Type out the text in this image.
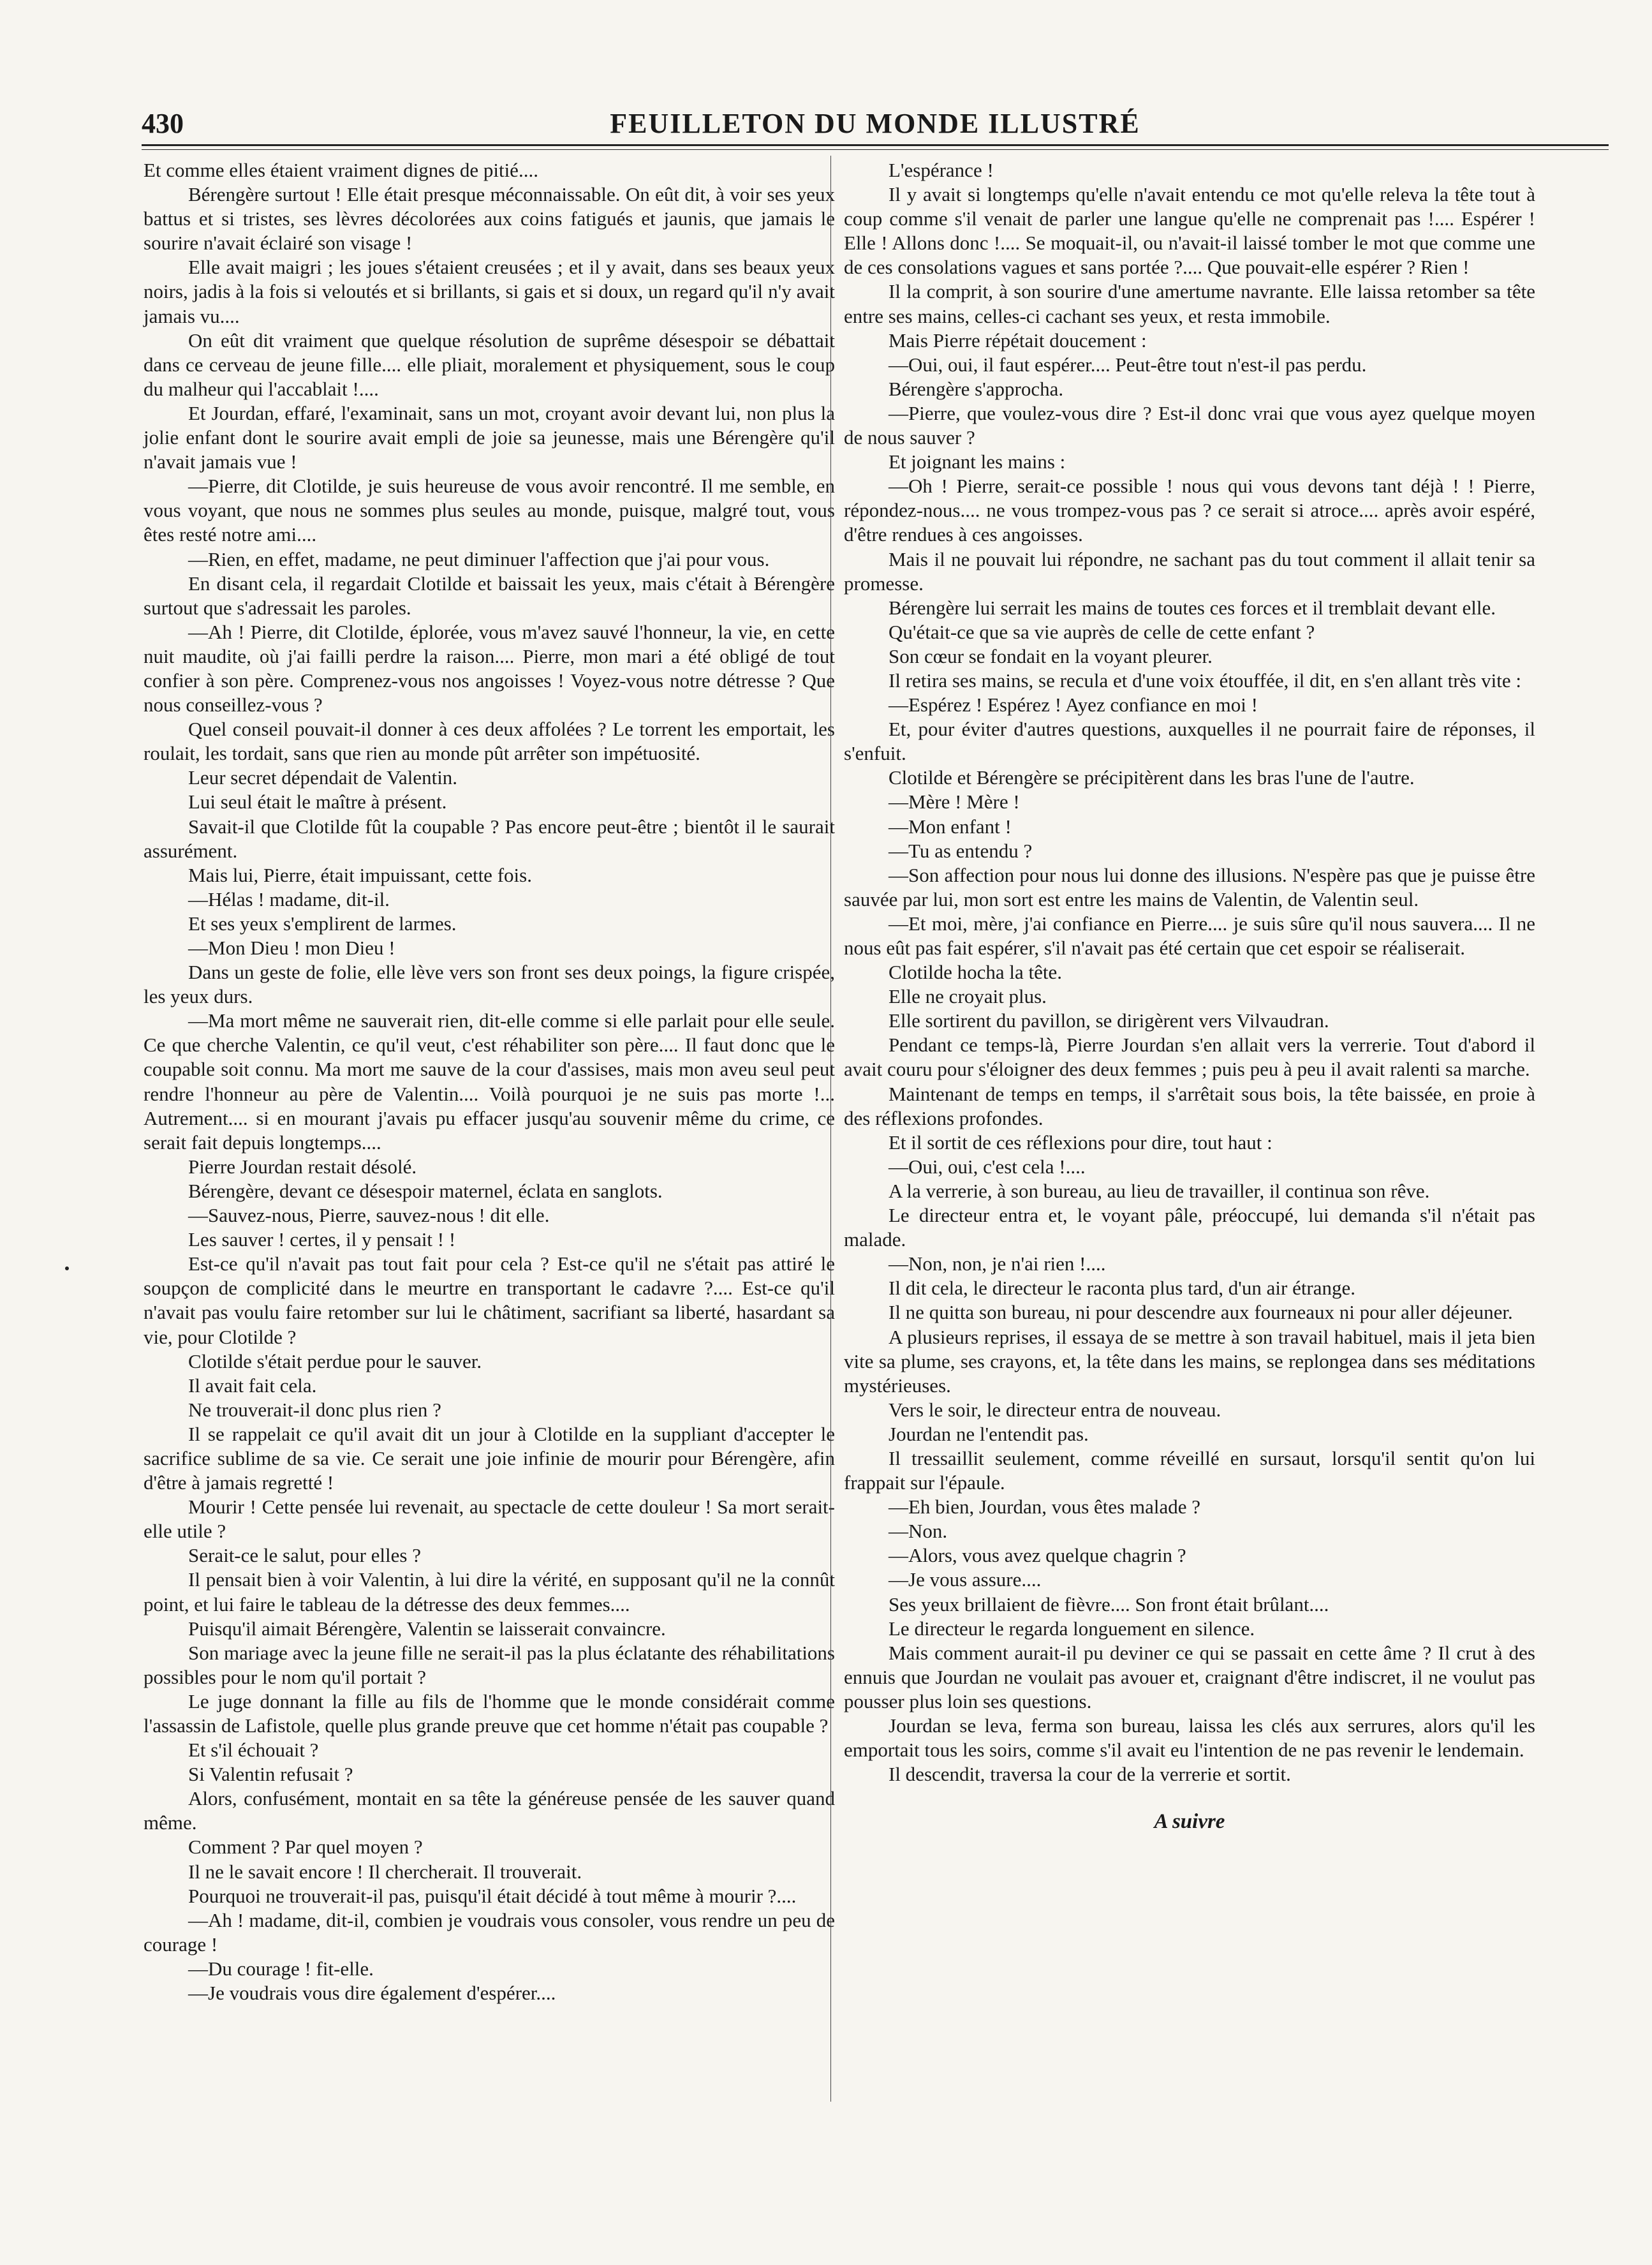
430	FEUILLETON DU MONDE ILLUSTRÉ

Et comme elles étaient vraiment dignes de pitié....

Bérengère surtout ! Elle était presque méconnaissable. On eût dit, à voir ses yeux battus et si tristes, ses lèvres décolorées aux coins fatigués et jaunis, que jamais le sourire n'avait éclairé son visage !

Elle avait maigri ; les joues s'étaient creusées ; et il y avait, dans ses beaux yeux noirs, jadis à la fois si veloutés et si brillants, si gais et si doux, un regard qu'il n'y avait jamais vu....

On eût dit vraiment que quelque résolution de suprême désespoir se débattait dans ce cerveau de jeune fille.... elle pliait, moralement et physiquement, sous le coup du malheur qui l'accablait !....

Et Jourdan, effaré, l'examinait, sans un mot, croyant avoir devant lui, non plus la jolie enfant dont le sourire avait empli de joie sa jeunesse, mais une Bérengère qu'il n'avait jamais vue !

—Pierre, dit Clotilde, je suis heureuse de vous avoir rencontré. Il me semble, en vous voyant, que nous ne sommes plus seules au monde, puisque, malgré tout, vous êtes resté notre ami....

—Rien, en effet, madame, ne peut diminuer l'affection que j'ai pour vous.

En disant cela, il regardait Clotilde et baissait les yeux, mais c'était à Bérengère surtout que s'adressait les paroles.

—Ah ! Pierre, dit Clotilde, éplorée, vous m'avez sauvé l'honneur, la vie, en cette nuit maudite, où j'ai failli perdre la raison.... Pierre, mon mari a été obligé de tout confier à son père. Comprenez-vous nos angoisses ! Voyez-vous notre détresse ? Que nous conseillez-vous ?

Quel conseil pouvait-il donner à ces deux affolées ? Le torrent les emportait, les roulait, les tordait, sans que rien au monde pût arrêter son impétuosité.

Leur secret dépendait de Valentin.

Lui seul était le maître à présent.

Savait-il que Clotilde fût la coupable ? Pas encore peut-être ; bientôt il le saurait assurément.

Mais lui, Pierre, était impuissant, cette fois.

—Hélas ! madame, dit-il.

Et ses yeux s'emplirent de larmes.

—Mon Dieu ! mon Dieu !

Dans un geste de folie, elle lève vers son front ses deux poings, la figure crispée, les yeux durs.

—Ma mort même ne sauverait rien, dit-elle comme si elle parlait pour elle seule. Ce que cherche Valentin, ce qu'il veut, c'est réhabiliter son père.... Il faut donc que le coupable soit connu. Ma mort me sauve de la cour d'assises, mais mon aveu seul peut rendre l'honneur au père de Valentin.... Voilà pourquoi je ne suis pas morte !... Autrement.... si en mourant j'avais pu effacer jusqu'au souvenir même du crime, ce serait fait depuis longtemps....

Pierre Jourdan restait désolé.

Bérengère, devant ce désespoir maternel, éclata en sanglots.

—Sauvez-nous, Pierre, sauvez-nous ! dit elle.

Les sauver ! certes, il y pensait ! !

Est-ce qu'il n'avait pas tout fait pour cela ? Est-ce qu'il ne s'était pas attiré le soupçon de complicité dans le meurtre en transportant le cadavre ?.... Est-ce qu'il n'avait pas voulu faire retomber sur lui le châtiment, sacrifiant sa liberté, hasardant sa vie, pour Clotilde ?

Clotilde s'était perdue pour le sauver.

Il avait fait cela.

Ne trouverait-il donc plus rien ?

Il se rappelait ce qu'il avait dit un jour à Clotilde en la suppliant d'accepter le sacrifice sublime de sa vie. Ce serait une joie infinie de mourir pour Bérengère, afin d'être à jamais regretté !

Mourir ! Cette pensée lui revenait, au spectacle de cette douleur ! Sa mort serait-elle utile ?

Serait-ce le salut, pour elles ?

Il pensait bien à voir Valentin, à lui dire la vérité, en supposant qu'il ne la connût point, et lui faire le tableau de la détresse des deux femmes....

Puisqu'il aimait Bérengère, Valentin se laisserait convaincre.

Son mariage avec la jeune fille ne serait-il pas la plus éclatante des réhabilitations possibles pour le nom qu'il portait ?

Le juge donnant la fille au fils de l'homme que le monde considérait comme l'assassin de Lafistole, quelle plus grande preuve que cet homme n'était pas coupable ?

Et s'il échouait ?

Si Valentin refusait ?

Alors, confusément, montait en sa tête la généreuse pensée de les sauver quand même.

Comment ? Par quel moyen ?

Il ne le savait encore ! Il chercherait. Il trouverait.

Pourquoi ne trouverait-il pas, puisqu'il était décidé à tout même à mourir ?....

—Ah ! madame, dit-il, combien je voudrais vous consoler, vous rendre un peu de courage !

—Du courage ! fit-elle.

—Je voudrais vous dire également d'espérer....

L'espérance !

Il y avait si longtemps qu'elle n'avait entendu ce mot qu'elle releva la tête tout à coup comme s'il venait de parler une langue qu'elle ne comprenait pas !.... Espérer ! Elle ! Allons donc !.... Se moquait-il, ou n'avait-il laissé tomber le mot que comme une de ces consolations vagues et sans portée ?.... Que pouvait-elle espérer ? Rien !

Il la comprit, à son sourire d'une amertume navrante. Elle laissa retomber sa tête entre ses mains, celles-ci cachant ses yeux, et resta immobile.

Mais Pierre répétait doucement :

—Oui, oui, il faut espérer.... Peut-être tout n'est-il pas perdu.

Bérengère s'approcha.

—Pierre, que voulez-vous dire ? Est-il donc vrai que vous ayez quelque moyen de nous sauver ?

Et joignant les mains :

—Oh ! Pierre, serait-ce possible ! nous qui vous devons tant déjà ! ! Pierre, répondez-nous.... ne vous trompez-vous pas ? ce serait si atroce.... après avoir espéré, d'être rendues à ces angoisses.

Mais il ne pouvait lui répondre, ne sachant pas du tout comment il allait tenir sa promesse.

Bérengère lui serrait les mains de toutes ces forces et il tremblait devant elle.

Qu'était-ce que sa vie auprès de celle de cette enfant ?

Son cœur se fondait en la voyant pleurer.

Il retira ses mains, se recula et d'une voix étouffée, il dit, en s'en allant très vite :

—Espérez ! Espérez ! Ayez confiance en moi !

Et, pour éviter d'autres questions, auxquelles il ne pourrait faire de réponses, il s'enfuit.

Clotilde et Bérengère se précipitèrent dans les bras l'une de l'autre.

—Mère ! Mère !

—Mon enfant !

—Tu as entendu ?

—Son affection pour nous lui donne des illusions. N'espère pas que je puisse être sauvée par lui, mon sort est entre les mains de Valentin, de Valentin seul.

—Et moi, mère, j'ai confiance en Pierre.... je suis sûre qu'il nous sauvera.... Il ne nous eût pas fait espérer, s'il n'avait pas été certain que cet espoir se réaliserait.

Clotilde hocha la tête.

Elle ne croyait plus.

Elle sortirent du pavillon, se dirigèrent vers Vilvaudran.

Pendant ce temps-là, Pierre Jourdan s'en allait vers la verrerie. Tout d'abord il avait couru pour s'éloigner des deux femmes ; puis peu à peu il avait ralenti sa marche.

Maintenant de temps en temps, il s'arrêtait sous bois, la tête baissée, en proie à des réflexions profondes.

Et il sortit de ces réflexions pour dire, tout haut :

—Oui, oui, c'est cela !....

A la verrerie, à son bureau, au lieu de travailler, il continua son rêve.

Le directeur entra et, le voyant pâle, préoccupé, lui demanda s'il n'était pas malade.

—Non, non, je n'ai rien !....

Il dit cela, le directeur le raconta plus tard, d'un air étrange.

Il ne quitta son bureau, ni pour descendre aux fourneaux ni pour aller déjeuner.

A plusieurs reprises, il essaya de se mettre à son travail habituel, mais il jeta bien vite sa plume, ses crayons, et, la tête dans les mains, se replongea dans ses méditations mystérieuses.

Vers le soir, le directeur entra de nouveau.

Jourdan ne l'entendit pas.

Il tressaillit seulement, comme réveillé en sursaut, lorsqu'il sentit qu'on lui frappait sur l'épaule.

—Eh bien, Jourdan, vous êtes malade ?

—Non.

—Alors, vous avez quelque chagrin ?

—Je vous assure....

Ses yeux brillaient de fièvre.... Son front était brûlant....

Le directeur le regarda longuement en silence.

Mais comment aurait-il pu deviner ce qui se passait en cette âme ? Il crut à des ennuis que Jourdan ne voulait pas avouer et, craignant d'être indiscret, il ne voulut pas pousser plus loin ses questions.

Jourdan se leva, ferma son bureau, laissa les clés aux serrures, alors qu'il les emportait tous les soirs, comme s'il avait eu l'intention de ne pas revenir le lendemain.

Il descendit, traversa la cour de la verrerie et sortit.

A suivre
